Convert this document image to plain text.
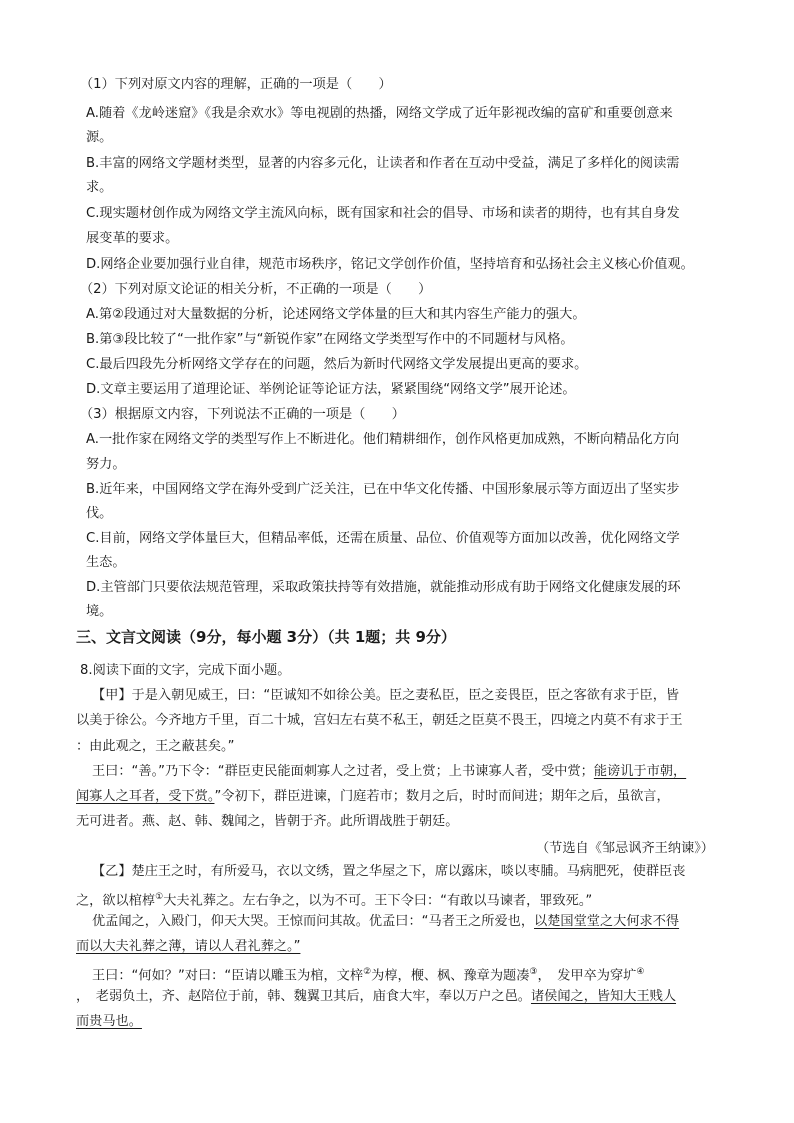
（1）下列对原文内容的理解，正确的一项是（　　）
A.随着《龙岭迷窟》《我是余欢水》等电视剧的热播，网络文学成了近年影视改编的富矿和重要创意来
源。
B.丰富的网络文学题材类型，显著的内容多元化，让读者和作者在互动中受益，满足了多样化的阅读需
求。
C.现实题材创作成为网络文学主流风向标，既有国家和社会的倡导、市场和读者的期待，也有其自身发
展变革的要求。
D.网络企业要加强行业自律，规范市场秩序，铭记文学创作价值，坚持培育和弘扬社会主义核心价值观。
（2）下列对原文论证的相关分析，不正确的一项是（　　）
A.第②段通过对大量数据的分析，论述网络文学体量的巨大和其内容生产能力的强大。
B.第③段比较了“一批作家”与“新锐作家”在网络文学类型写作中的不同题材与风格。
C.最后四段先分析网络文学存在的问题，然后为新时代网络文学发展提出更高的要求。
D.文章主要运用了道理论证、举例论证等论证方法，紧紧围绕“网络文学”展开论述。
（3）根据原文内容，下列说法不正确的一项是（　　）
A.一批作家在网络文学的类型写作上不断进化。他们精耕细作，创作风格更加成熟，不断向精品化方向
努力。
B.近年来，中国网络文学在海外受到广泛关注，已在中华文化传播、中国形象展示等方面迈出了坚实步
伐。
C.目前，网络文学体量巨大，但精品率低，还需在质量、品位、价值观等方面加以改善，优化网络文学
生态。
D.主管部门只要依法规范管理，采取政策扶持等有效措施，就能推动形成有助于网络文化健康发展的环
境。
三、文言文阅读（9分，每小题 3分）（共 1题；共 9分）
8.阅读下面的文字，完成下面小题。
【甲】于是入朝见威王，曰：“臣诚知不如徐公美。臣之妻私臣，臣之妾畏臣，臣之客欲有求于臣，皆
以美于徐公。今齐地方千里，百二十城，宫妇左右莫不私王，朝廷之臣莫不畏王，四境之内莫不有求于王
：由此观之，王之蔽甚矣。”
王曰：“善。”乃下令：“群臣吏民能面刺寡人之过者，受上赏；上书谏寡人者，受中赏；能谤讥于市朝，
闻寡人之耳者，受下赏。”令初下，群臣进谏，门庭若市；数月之后，时时而间进；期年之后，虽欲言，
无可进者。燕、赵、韩、魏闻之，皆朝于齐。此所谓战胜于朝廷。
（节选自《邹忌讽齐王纳谏》）
【乙】楚庄王之时，有所爱马，衣以文绣，置之华屋之下，席以露床，啖以枣脯。马病肥死，使群臣丧
之，欲以棺椁①大夫礼葬之。左右争之，以为不可。王下令曰：“有敢以马谏者，罪致死。”
优孟闻之，入殿门，仰天大哭。王惊而问其故。优孟曰：“马者王之所爱也，以楚国堂堂之大何求不得
而以大夫礼葬之薄，请以人君礼葬之。”
王曰：“何如？”对曰：“臣请以雕玉为棺，文梓②为椁，楩、枫、豫章为题凑③，　发甲卒为穿圹④
，　老弱负土，齐、赵陪位于前，韩、魏翼卫其后，庙食大牢，奉以万户之邑。诸侯闻之，皆知大王贱人
而贵马也。
